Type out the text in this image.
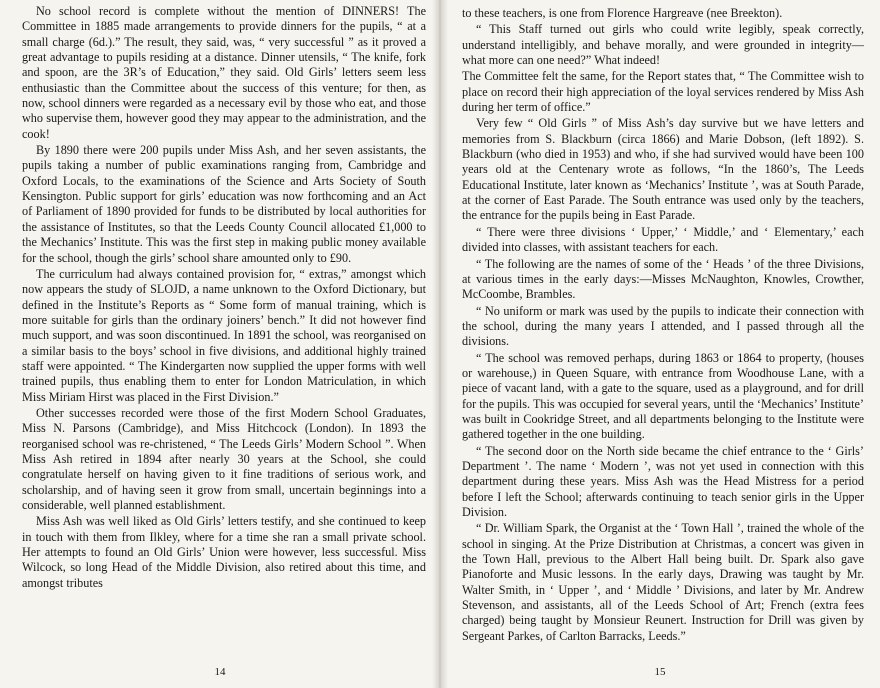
No school record is complete without the mention of DINNERS! The Committee in 1885 made arrangements to provide dinners for the pupils, “ at a small charge (6d.).” The result, they said, was, “ very successful ” as it proved a great advantage to pupils residing at a distance. Dinner utensils, “ The knife, fork and spoon, are the 3R’s of Education,” they said. Old Girls’ letters seem less enthusiastic than the Committee about the success of this venture; for then, as now, school dinners were regarded as a necessary evil by those who eat, and those who supervise them, however good they may appear to the administration, and the cook!

By 1890 there were 200 pupils under Miss Ash, and her seven assistants, the pupils taking a number of public examinations ranging from, Cambridge and Oxford Locals, to the examinations of the Science and Arts Society of South Kensington. Public support for girls’ education was now forthcoming and an Act of Parliament of 1890 provided for funds to be distributed by local authorities for the assistance of Institutes, so that the Leeds County Council allocated £1,000 to the Mechanics’ Institute. This was the first step in making public money available for the school, though the girls’ school share amounted only to £90.

The curriculum had always contained provision for, “ extras,” amongst which now appears the study of SLOJD, a name unknown to the Oxford Dictionary, but defined in the Institute’s Reports as “ Some form of manual training, which is more suitable for girls than the ordinary joiners’ bench.” It did not however find much support, and was soon discontinued. In 1891 the school, was reorganised on a similar basis to the boys’ school in five divisions, and additional highly trained staff were appointed. “ The Kindergarten now supplied the upper forms with well trained pupils, thus enabling them to enter for London Matriculation, in which Miss Miriam Hirst was placed in the First Division.”

Other successes recorded were those of the first Modern School Graduates, Miss N. Parsons (Cambridge), and Miss Hitchcock (London). In 1893 the reorganised school was re-christened, “ The Leeds Girls’ Modern School ”. When Miss Ash retired in 1894 after nearly 30 years at the School, she could congratulate herself on having given to it fine traditions of serious work, and scholarship, and of having seen it grow from small, uncertain beginnings into a considerable, well planned establishment.

Miss Ash was well liked as Old Girls’ letters testify, and she continued to keep in touch with them from Ilkley, where for a time she ran a small private school. Her attempts to found an Old Girls’ Union were however, less successful. Miss Wilcock, so long Head of the Middle Division, also retired about this time, and amongst tributes

14

to these teachers, is one from Florence Hargreave (nee Breekton).

“ This Staff turned out girls who could write legibly, speak correctly, understand intelligibly, and behave morally, and were grounded in integrity—what more can one need?” What indeed!

The Committee felt the same, for the Report states that, “ The Committee wish to place on record their high appreciation of the loyal services rendered by Miss Ash during her term of office.”

Very few “ Old Girls ” of Miss Ash’s day survive but we have letters and memories from S. Blackburn (circa 1866) and Marie Dobson, (left 1892). S. Blackburn (who died in 1953) and who, if she had survived would have been 100 years old at the Centenary wrote as follows, “In the 1860’s, The Leeds Educational Institute, later known as ‘Mechanics’ Institute ’, was at South Parade, at the corner of East Parade. The South entrance was used only by the teachers, the entrance for the pupils being in East Parade.

“ There were three divisions ‘ Upper,’ ‘ Middle,’ and ‘ Elementary,’ each divided into classes, with assistant teachers for each.

“ The following are the names of some of the ‘ Heads ’ of the three Divisions, at various times in the early days:—Misses McNaughton, Knowles, Crowther, McCoombe, Brambles.

“ No uniform or mark was used by the pupils to indicate their connection with the school, during the many years I attended, and I passed through all the divisions.

“ The school was removed perhaps, during 1863 or 1864 to property, (houses or warehouse,) in Queen Square, with entrance from Woodhouse Lane, with a piece of vacant land, with a gate to the square, used as a playground, and for drill for the pupils. This was occupied for several years, until the ‘Mechanics’ Institute’ was built in Cookridge Street, and all departments belonging to the Institute were gathered together in the one building.

“ The second door on the North side became the chief entrance to the ‘ Girls’ Department ’. The name ‘ Modern ’, was not yet used in connection with this department during these years. Miss Ash was the Head Mistress for a period before I left the School; afterwards continuing to teach senior girls in the Upper Division.

“ Dr. William Spark, the Organist at the ‘ Town Hall ’, trained the whole of the school in singing. At the Prize Distribution at Christmas, a concert was given in the Town Hall, previous to the Albert Hall being built. Dr. Spark also gave Pianoforte and Music lessons. In the early days, Drawing was taught by Mr. Walter Smith, in ‘ Upper ’, and ‘ Middle ’ Divisions, and later by Mr. Andrew Stevenson, and assistants, all of the Leeds School of Art; French (extra fees charged) being taught by Monsieur Reunert. Instruction for Drill was given by Sergeant Parkes, of Carlton Barracks, Leeds.”

15
